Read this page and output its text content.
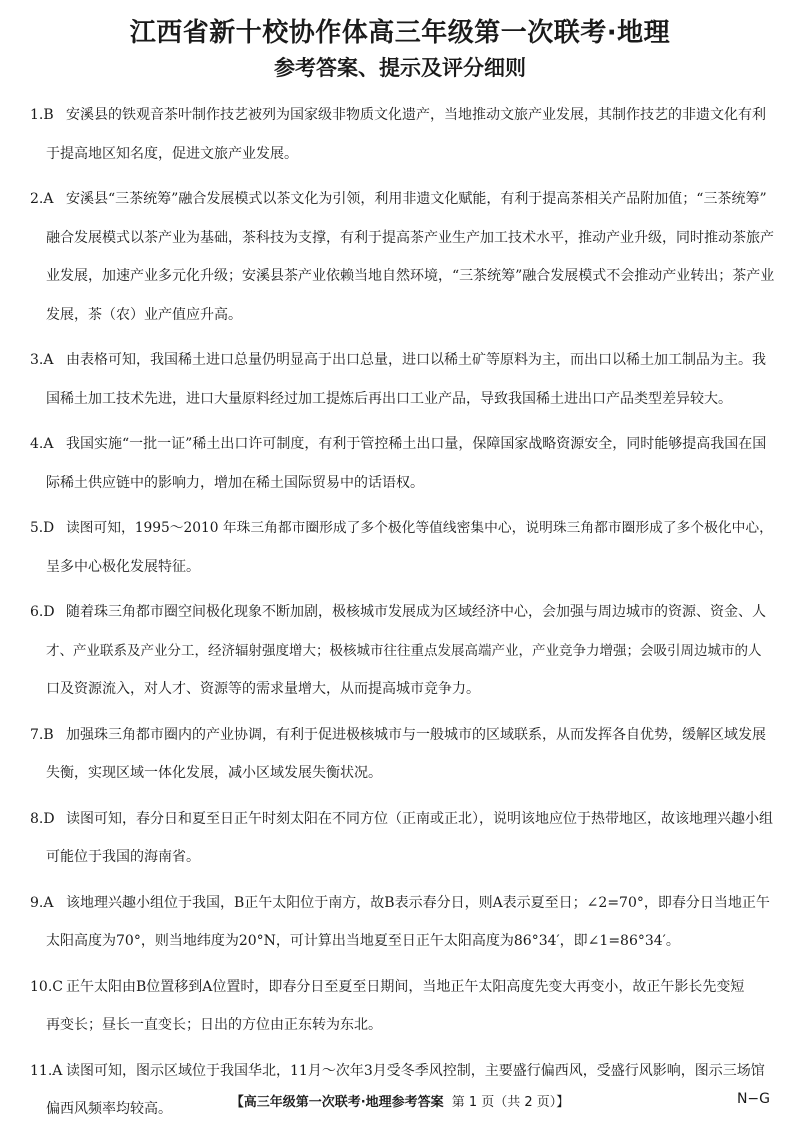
江西省新十校协作体高三年级第一次联考·地理
参考答案、提示及评分细则
1.B 安溪县的铁观音茶叶制作技艺被列为国家级非物质文化遗产，当地推动文旅产业发展，其制作技艺的非遗文化有利
于提高地区知名度，促进文旅产业发展。
2.A 安溪县“三茶统筹”融合发展模式以茶文化为引领，利用非遗文化赋能，有利于提高茶相关产品附加值；“三茶统筹”
融合发展模式以茶产业为基础，茶科技为支撑，有利于提高茶产业生产加工技术水平，推动产业升级，同时推动茶旅产
业发展，加速产业多元化升级；安溪县茶产业依赖当地自然环境，“三茶统筹”融合发展模式不会推动产业转出；茶产业
发展，茶（农）业产值应升高。
3.A 由表格可知，我国稀土进口总量仍明显高于出口总量，进口以稀土矿等原料为主，而出口以稀土加工制品为主。我
国稀土加工技术先进，进口大量原料经过加工提炼后再出口工业产品，导致我国稀土进出口产品类型差异较大。
4.A 我国实施“一批一证”稀土出口许可制度，有利于管控稀土出口量，保障国家战略资源安全，同时能够提高我国在国
际稀土供应链中的影响力，增加在稀土国际贸易中的话语权。
5.D 读图可知，1995～2010 年珠三角都市圈形成了多个极化等值线密集中心，说明珠三角都市圈形成了多个极化中心，
呈多中心极化发展特征。
6.D 随着珠三角都市圈空间极化现象不断加剧，极核城市发展成为区域经济中心，会加强与周边城市的资源、资金、人
才、产业联系及产业分工，经济辐射强度增大；极核城市往往重点发展高端产业，产业竞争力增强；会吸引周边城市的人
口及资源流入，对人才、资源等的需求量增大，从而提高城市竞争力。
7.B 加强珠三角都市圈内的产业协调，有利于促进极核城市与一般城市的区域联系，从而发挥各自优势，缓解区域发展
失衡，实现区域一体化发展，减小区域发展失衡状况。
8.D 读图可知，春分日和夏至日正午时刻太阳在不同方位（正南或正北），说明该地应位于热带地区，故该地理兴趣小组
可能位于我国的海南省。
9.A 该地理兴趣小组位于我国，B正午太阳位于南方，故B表示春分日，则A表示夏至日；∠2=70°，即春分日当地正午
太阳高度为70°，则当地纬度为20°N，可计算出当地夏至日正午太阳高度为86°34′，即∠1=86°34′。
10.C 正午太阳由B位置移到A位置时，即春分日至夏至日期间，当地正午太阳高度先变大再变小，故正午影长先变短
再变长；昼长一直变长；日出的方位由正东转为东北。
11.A 读图可知，图示区域位于我国华北，11月～次年3月受冬季风控制，主要盛行偏西风，受盛行风影响，图示三场馆
偏西风频率均较高。	【高三年级第一次联考·地理参考答案 第 1 页（共 2 页）】	N−G
